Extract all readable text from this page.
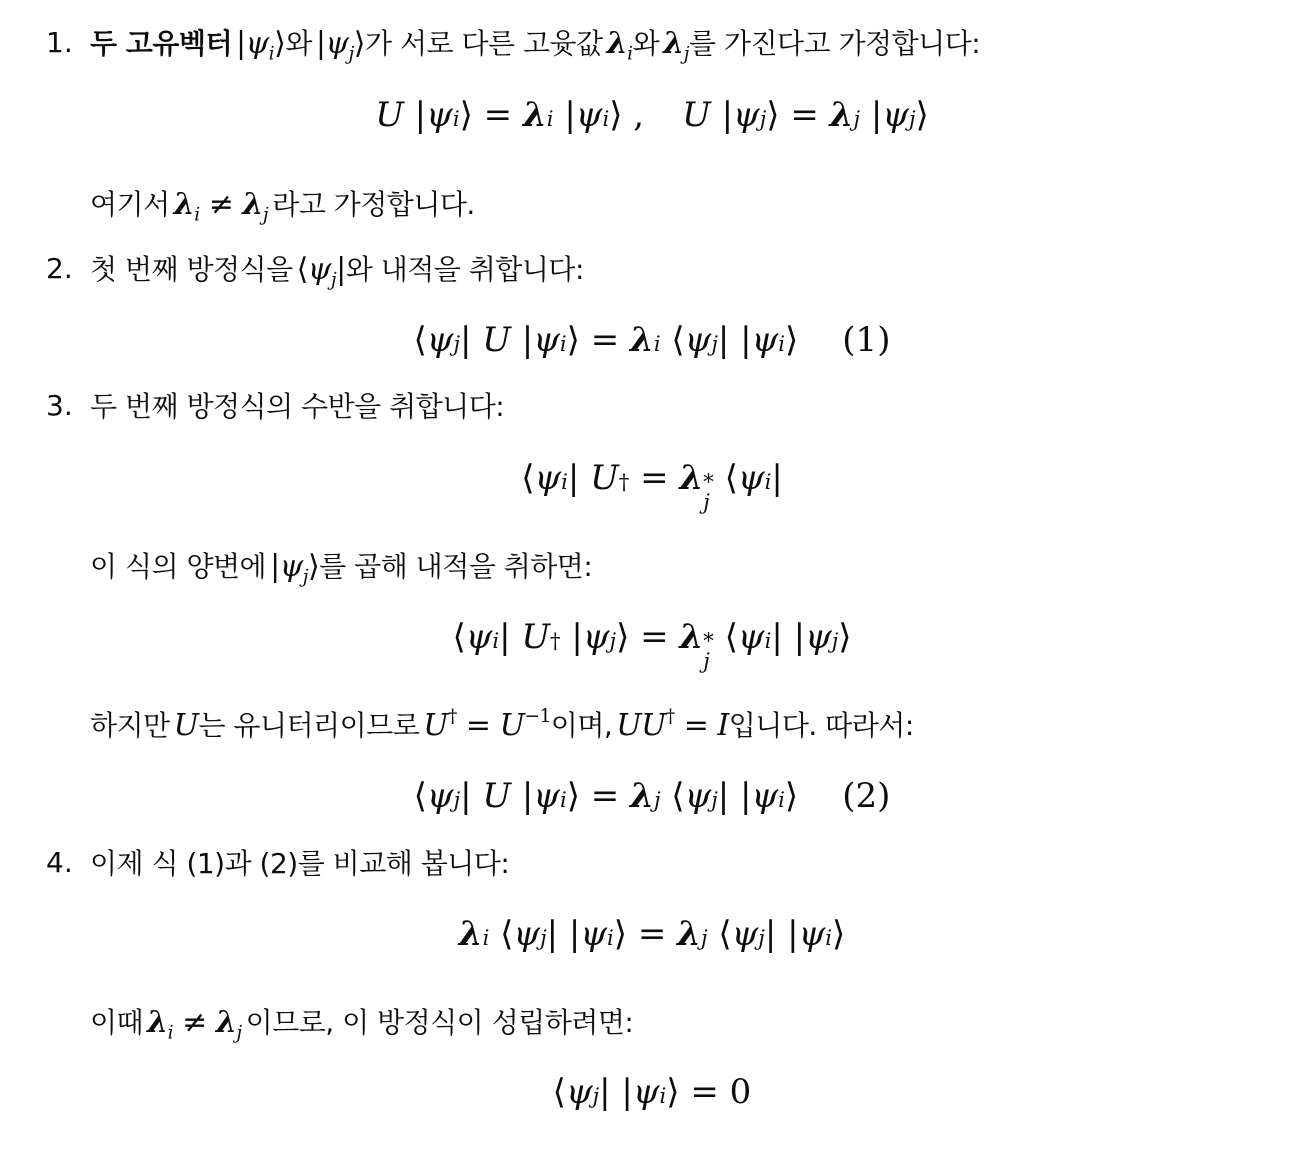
1. 두 고유벡터 $|\psi_i⟩$ 와 $|\psi_j⟩$ 가 서로 다른 고윳값 $\lambda_i$ 와 $\lambda_j$ 를 가진다고 가정합니다:
U | ψ i ⟩ = λ i | ψ i ⟩ , U | ψ j ⟩ = λ j | ψ j ⟩
여기서 $\lambda_i \ne \lambda_j$ 라고 가정합니다.
2. 첫 번째 방정식을 $⟨\psi_j|$ 와 내적을 취합니다:
⟨ ψ j | U | ψ i ⟩ = λ i ⟨ ψ j | | ψ i ⟩ (1)
3. 두 번째 방정식의 수반을 취합니다:
⟨ ψ i | U † = λ *
j
⟨ ψ i |
이 식의 양변에 $|\psi_j⟩$ 를 곱해 내적을 취하면:
⟨ ψ i | U † | ψ j ⟩ = λ *
j
⟨ ψ i | | ψ j ⟩
하지만 U 는 유니터리이므로 $U^\dagger = U^{-1}$ 이며, UU† = I 입니다. 따라서:
⟨ ψ j | U | ψ i ⟩ = λ j ⟨ ψ j | | ψ i ⟩ (2)
4. 이제 식 (1)과 (2)를 비교해 봅니다:
λ i ⟨ ψ j | | ψ i ⟩ = λ j ⟨ ψ j | | ψ i ⟩
이때 $\lambda_i \ne \lambda_j$ 이므로, 이 방정식이 성립하려면:
⟨ ψ j | | ψ i ⟩ = 0
